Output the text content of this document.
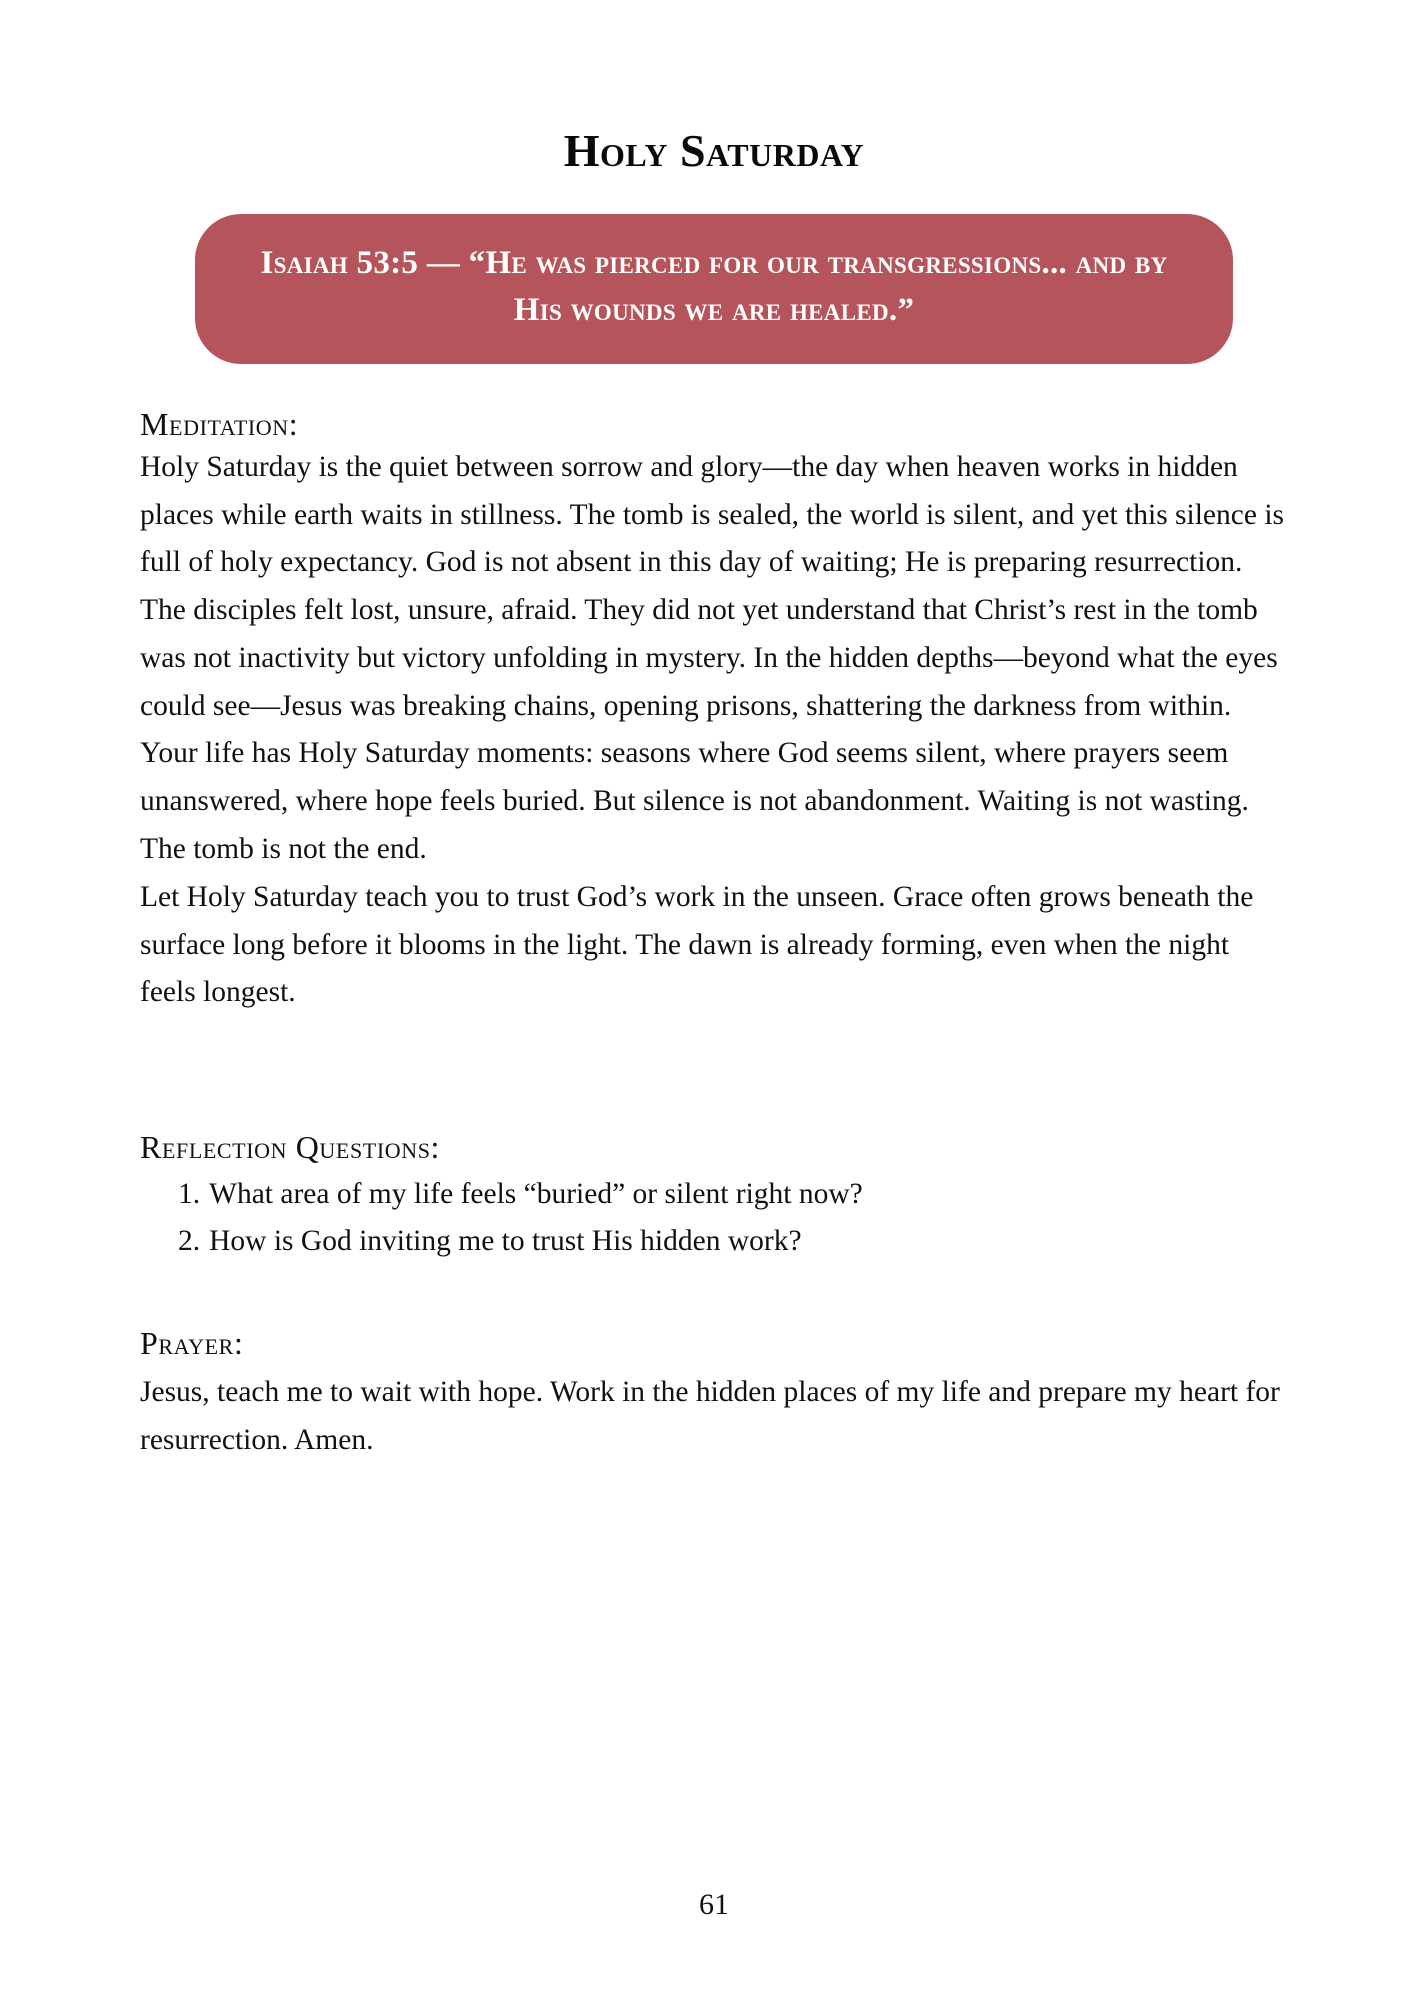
Holy Saturday

Isaiah 53:5 — “He was pierced for our transgressions... and by His wounds we are healed.”

Meditation:

Holy Saturday is the quiet between sorrow and glory—the day when heaven works in hidden places while earth waits in stillness. The tomb is sealed, the world is silent, and yet this silence is full of holy expectancy. God is not absent in this day of waiting; He is preparing resurrection.

The disciples felt lost, unsure, afraid. They did not yet understand that Christ’s rest in the tomb was not inactivity but victory unfolding in mystery. In the hidden depths—beyond what the eyes could see—Jesus was breaking chains, opening prisons, shattering the darkness from within.

Your life has Holy Saturday moments: seasons where God seems silent, where prayers seem unanswered, where hope feels buried. But silence is not abandonment. Waiting is not wasting. The tomb is not the end.

Let Holy Saturday teach you to trust God’s work in the unseen. Grace often grows beneath the surface long before it blooms in the light. The dawn is already forming, even when the night feels longest.

Reflection Questions:
1. What area of my life feels “buried” or silent right now?
2. How is God inviting me to trust His hidden work?
Prayer:

Jesus, teach me to wait with hope. Work in the hidden places of my life and prepare my heart for resurrection. Amen.

61
